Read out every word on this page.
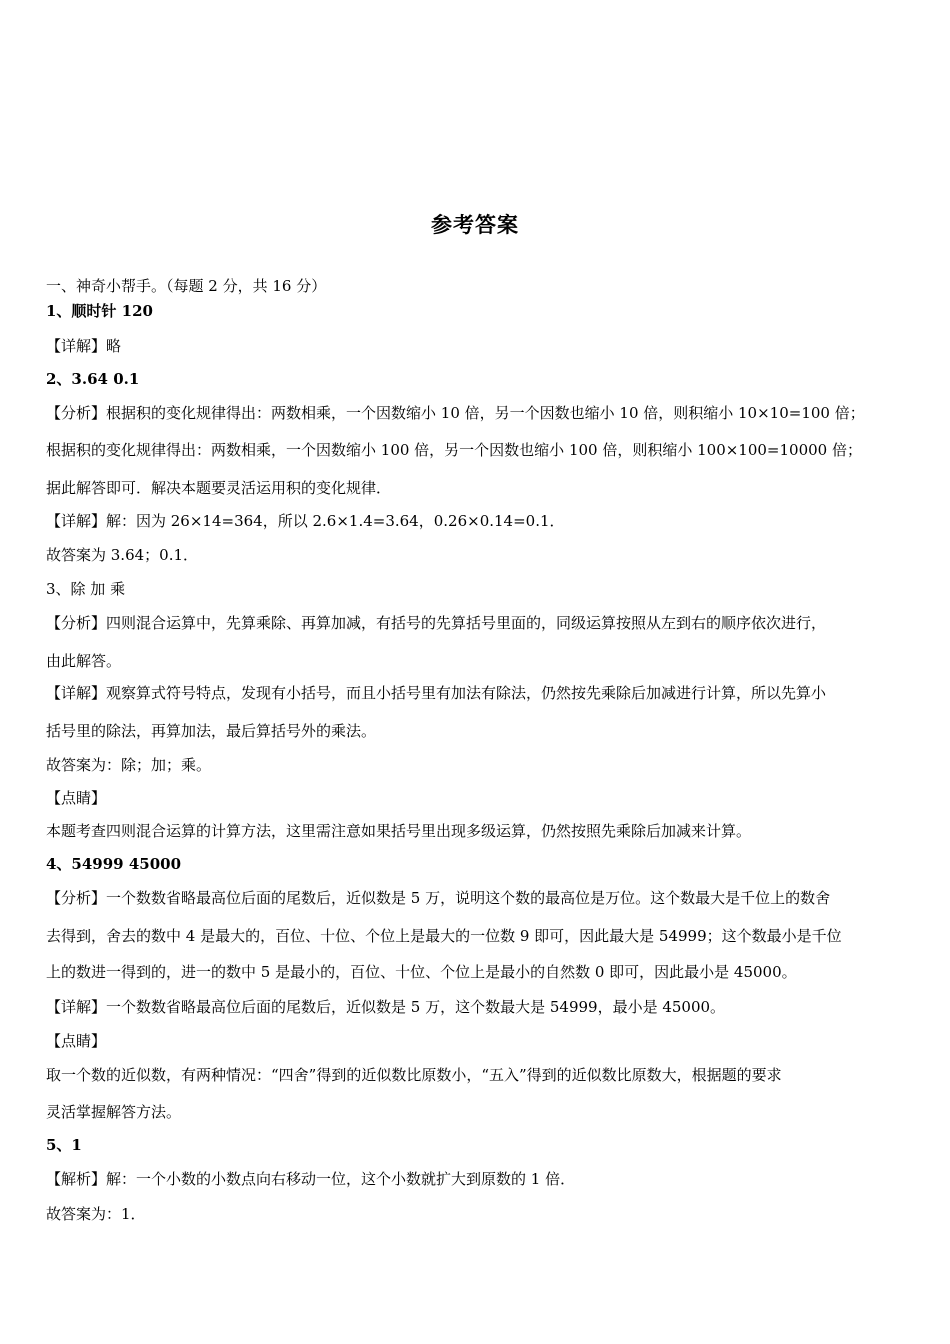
参考答案
一、神奇小帮手。（每题 2 分，共 16 分）
1、顺时针 120
【详解】略
2、3.64 0.1
【分析】根据积的变化规律得出：两数相乘，一个因数缩小 10 倍，另一个因数也缩小 10 倍，则积缩小 10×10=100 倍；
根据积的变化规律得出：两数相乘，一个因数缩小 100 倍，另一个因数也缩小 100 倍，则积缩小 100×100=10000 倍；
据此解答即可．解决本题要灵活运用积的变化规律．
【详解】解：因为 26×14=364，所以 2.6×1.4=3.64，0.26×0.14=0.1．
故答案为 3.64；0.1．
3、除 加 乘
【分析】四则混合运算中，先算乘除、再算加减，有括号的先算括号里面的，同级运算按照从左到右的顺序依次进行，
由此解答。
【详解】观察算式符号特点，发现有小括号，而且小括号里有加法有除法，仍然按先乘除后加减进行计算，所以先算小
括号里的除法，再算加法，最后算括号外的乘法。
故答案为：除；加；乘。
【点睛】
本题考查四则混合运算的计算方法，这里需注意如果括号里出现多级运算，仍然按照先乘除后加减来计算。
4、54999 45000
【分析】一个数数省略最高位后面的尾数后，近似数是 5 万，说明这个数的最高位是万位。这个数最大是千位上的数舍
去得到，舍去的数中 4 是最大的，百位、十位、个位上是最大的一位数 9 即可，因此最大是 54999；这个数最小是千位
上的数进一得到的，进一的数中 5 是最小的，百位、十位、个位上是最小的自然数 0 即可，因此最小是 45000。
【详解】一个数数省略最高位后面的尾数后，近似数是 5 万，这个数最大是 54999，最小是 45000。
【点睛】
取一个数的近似数，有两种情况：“四舍”得到的近似数比原数小，“五入”得到的近似数比原数大，根据题的要求
灵活掌握解答方法。
5、1
【解析】解：一个小数的小数点向右移动一位，这个小数就扩大到原数的 1 倍．
故答案为：1．
